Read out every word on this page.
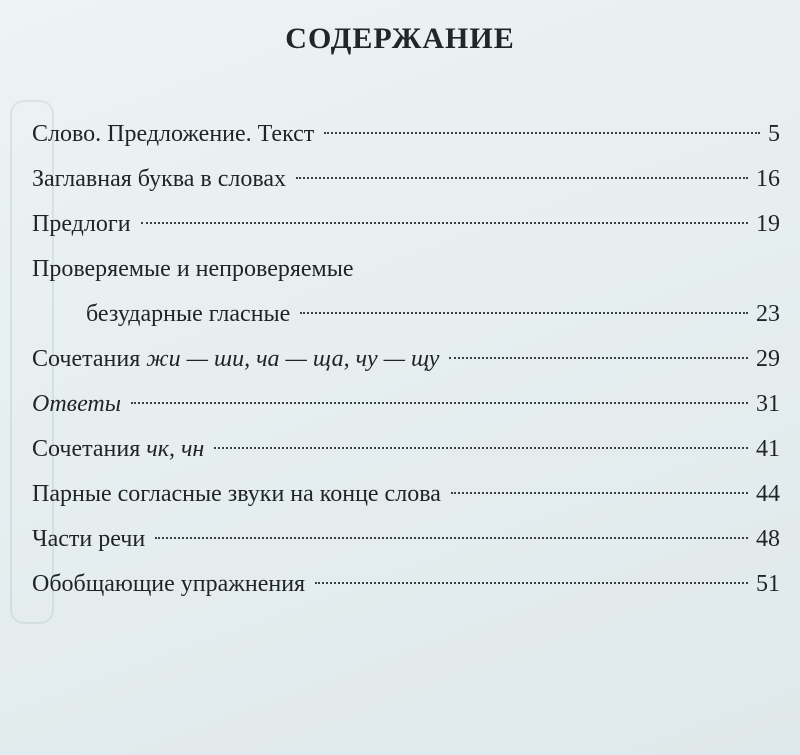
СОДЕРЖАНИЕ
Слово. Предложение. Текст	5
Заглавная буква в словах	16
Предлоги	19
Проверяемые и непроверяемые
безударные гласные	23
Сочетания жи — ши, ча — ща, чу — щу	29
Ответы	31
Сочетания чк, чн	41
Парные согласные звуки на конце слова	44
Части речи	48
Обобщающие упражнения	51
